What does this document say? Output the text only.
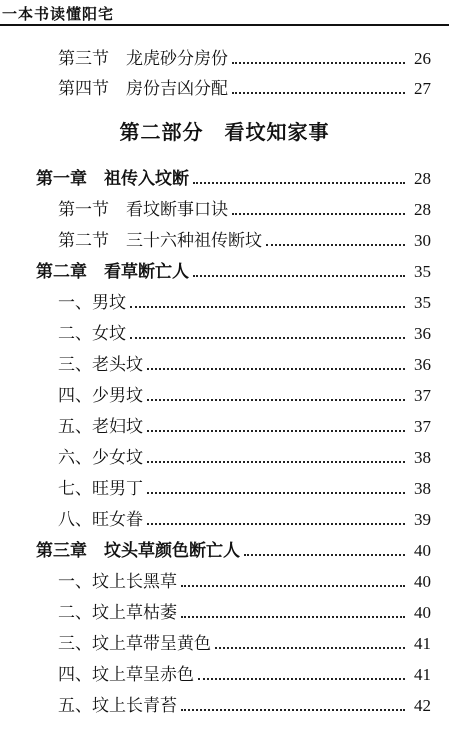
一本书读懂阳宅
第三节　龙虎砂分房份	26
第四节　房份吉凶分配	27
第二部分　看坟知家事
第一章　祖传入坟断	28
第一节　看坟断事口诀	28
第二节　三十六种祖传断坟	30
第二章　看草断亡人	35
一、男坟	35
二、女坟	36
三、老头坟	36
四、少男坟	37
五、老妇坟	37
六、少女坟	38
七、旺男丁	38
八、旺女眷	39
第三章　坟头草颜色断亡人	40
一、坟上长黑草	40
二、坟上草枯萎	40
三、坟上草带呈黄色	41
四、坟上草呈赤色	41
五、坟上长青苔	42
